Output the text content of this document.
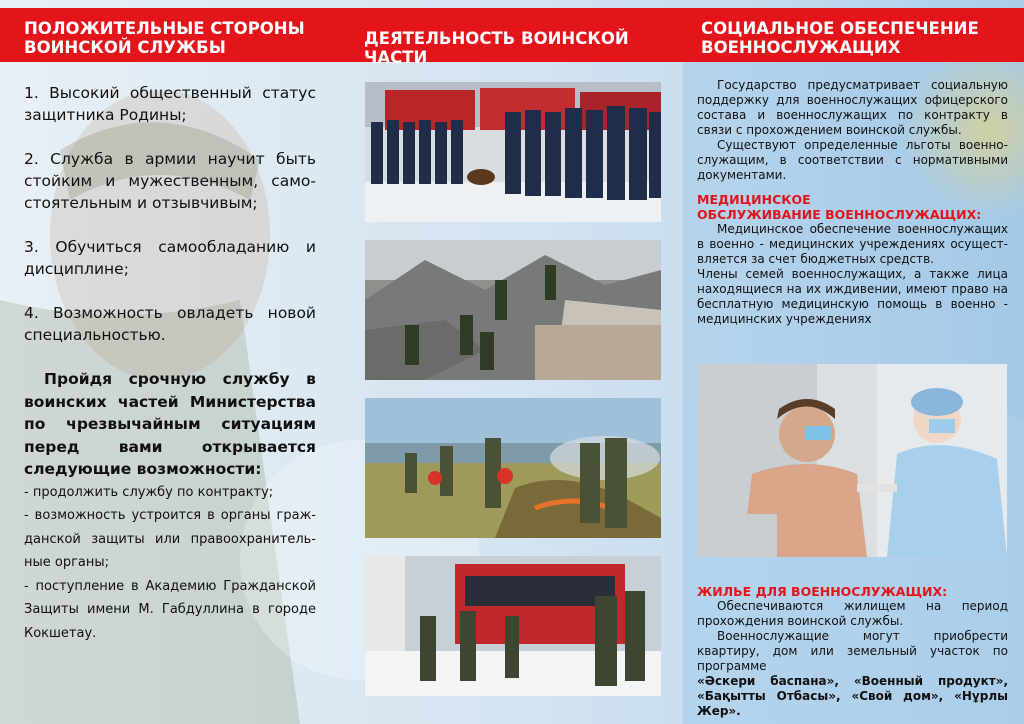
ПОЛОЖИТЕЛЬНЫЕ СТОРОНЫ
ВОИНСКОЙ СЛУЖБЫ	ДЕЯТЕЛЬНОСТЬ ВОИНСКОЙ ЧАСТИ
СОЦИАЛЬНОЕ ОБЕСПЕЧЕНИЕ
ВОЕННОСЛУЖАЩИХ

1. Высокий общественный статус защитника Родины;

2. Служба в армии научит быть стойким и мужественным, самостоятельным и отзывчивым;

3. Обучиться самообладанию и дисциплине;

4. Возможность овладеть новой специальностью.

Пройдя срочную службу в воинских частей Министерства по чрезвычайным ситуациям перед вами открывается следующие возможности:

- продолжить службу по контракту;

- возможность устроится в органы гражданской защиты или правоохранительные органы;

- поступление в Академию Гражданской Защиты имени М. Габдуллина в городе Кокшетау.

Государство предусматривает социальную поддержку для военнослужащих офицерского состава и военнослужащих по контракту в связи с прохождением воинской службы.

Существуют определенные льготы военнослужащим, в соответствии с нормативными документами.

МЕДИЦИНСКОЕ

ОБСЛУЖИВАНИЕ ВОЕННОСЛУЖАЩИХ:

Медицинское обеспечение военнослужащих в военно - медицинских учреждениях осуществляется за счет бюджетных средств.

Члены семей военнослужащих, а также лица находящиеся на их иждивении, имеют право на бесплатную медицинскую помощь в военно - медицинских учреждениях

ЖИЛЬЕ ДЛЯ ВОЕННОСЛУЖАЩИХ:

Обеспечиваются жилищем на период прохождения воинской службы.

Военнослужащие могут приобрести квартиру, дом или земельный участок по программе

«Әскери баспана», «Военный продукт», «Бақытты Отбасы», «Свой дом», «Нұрлы Жер».
